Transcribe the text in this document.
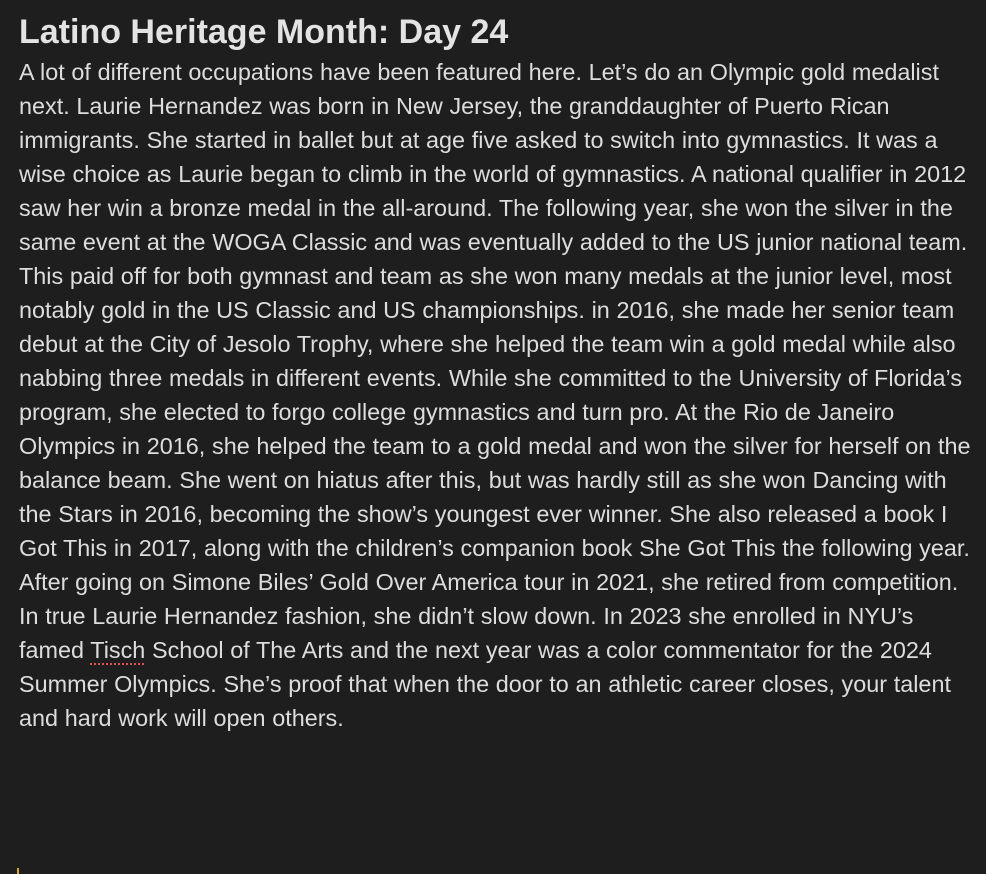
Latino Heritage Month: Day 24

A lot of different occupations have been featured here. Let’s do an Olympic gold medalist next. Laurie Hernandez was born in New Jersey, the granddaughter of Puerto Rican immigrants. She started in ballet but at age five asked to switch into gymnastics. It was a wise choice as Laurie began to climb in the world of gymnastics. A national qualifier in 2012 saw her win a bronze medal in the all-around. The following year, she won the silver in the same event at the WOGA Classic and was eventually added to the US junior national team. This paid off for both gymnast and team as she won many medals at the junior level, most notably gold in the US Classic and US championships. in 2016, she made her senior team debut at the City of Jesolo Trophy, where she helped the team win a gold medal while also nabbing three medals in different events. While she committed to the University of Florida’s program, she elected to forgo college gymnastics and turn pro. At the Rio de Janeiro Olympics in 2016, she helped the team to a gold medal and won the silver for herself on the balance beam. She went on hiatus after this, but was hardly still as she won Dancing with the Stars in 2016, becoming the show’s youngest ever winner. She also released a book I Got This in 2017, along with the children’s companion book She Got This the following year. After going on Simone Biles’ Gold Over America tour in 2021, she retired from competition. In true Laurie Hernandez fashion, she didn’t slow down. In 2023 she enrolled in NYU’s famed Tisch School of The Arts and the next year was a color commentator for the 2024 Summer Olympics. She’s proof that when the door to an athletic career closes, your talent and hard work will open others.
